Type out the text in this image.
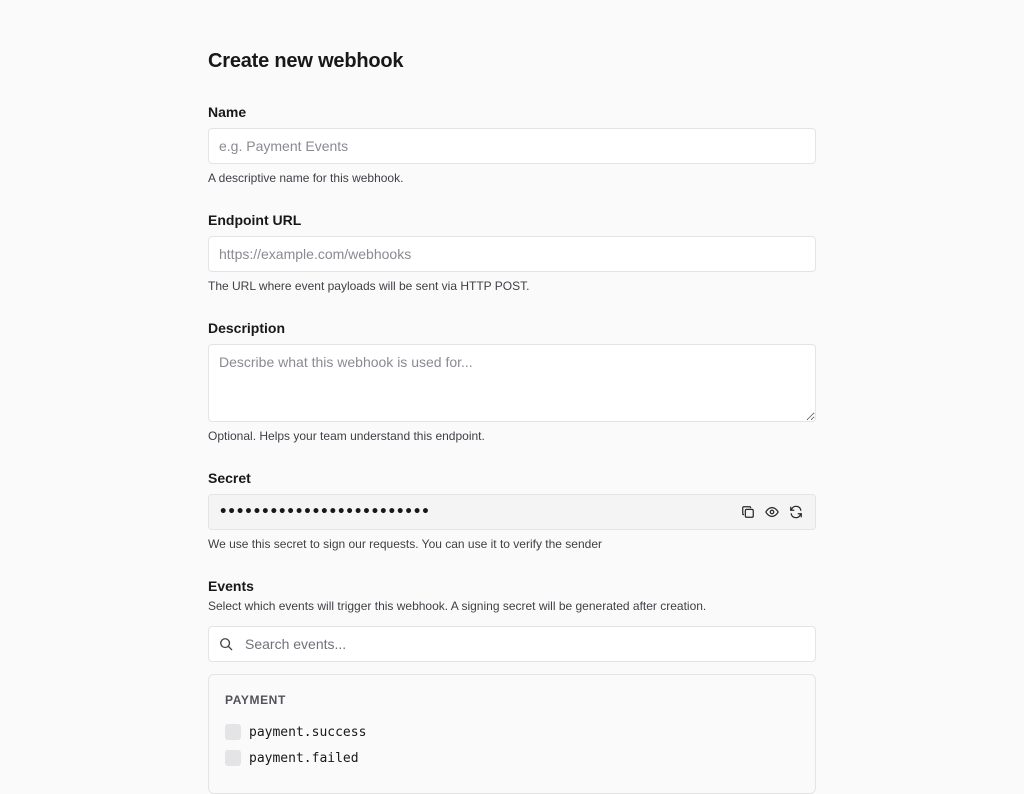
Create new webhook
Name
e.g. Payment Events
A descriptive name for this webhook.
Endpoint URL
https://example.com/webhooks
The URL where event payloads will be sent via HTTP POST.
Description
Describe what this webhook is used for...
Optional. Helps your team understand this endpoint.
Secret
•••••••••••••••••••••••••
We use this secret to sign our requests. You can use it to verify the sender
Events
Select which events will trigger this webhook. A signing secret will be generated after creation.
Search events...
PAYMENT
payment.success
payment.failed
